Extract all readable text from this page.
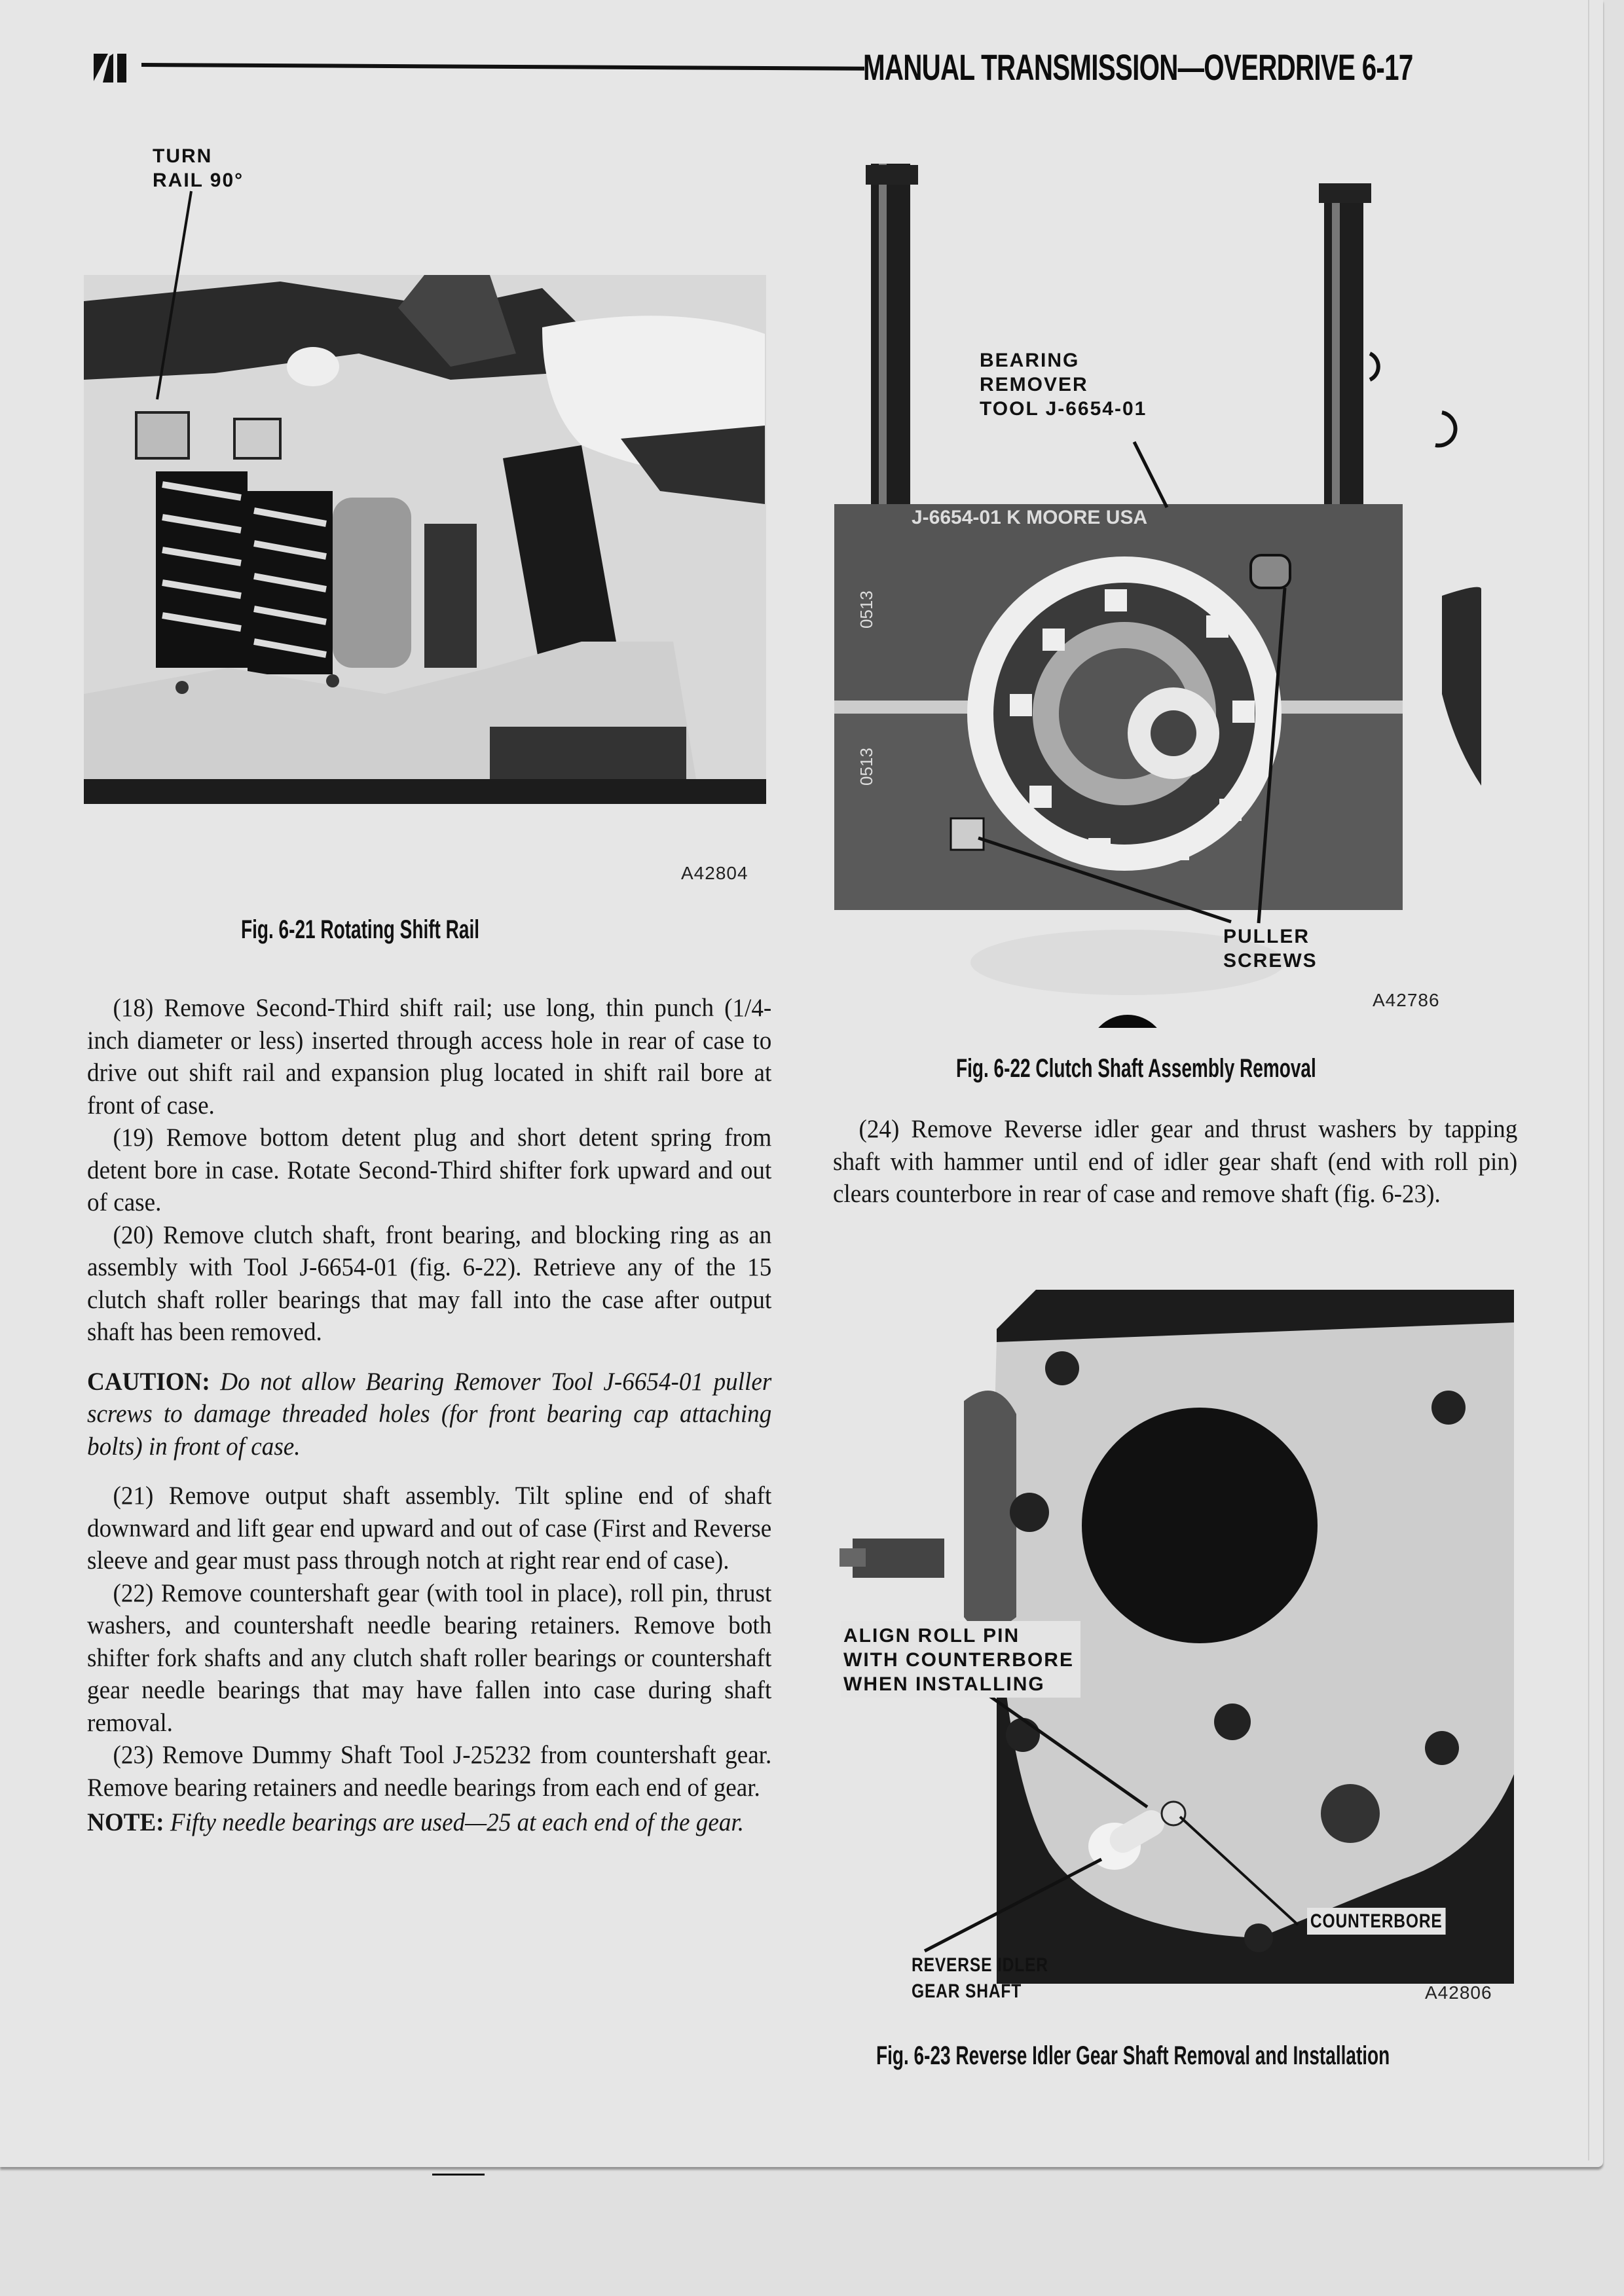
MANUAL TRANSMISSION—OVERDRIVE 6-17
TURN
RAIL 90°
A42804
Fig. 6-21 Rotating Shift Rail
J-6654-01 K MOORE USA
0513
0513
BEARING
REMOVER
TOOL J-6654-01
PULLER
SCREWS
A42786
Fig. 6-22 Clutch Shaft Assembly Removal

(24) Remove Reverse idler gear and thrust washers by tapping shaft with hammer until end of idler gear shaft (end with roll pin) clears counterbore in rear of case and remove shaft (fig. 6-23).

ALIGN ROLL PIN
WITH COUNTERBORE
WHEN INSTALLING
COUNTERBORE
REVERSE IDLER
GEAR SHAFT	A42806
Fig. 6-23 Reverse Idler Gear Shaft Removal and Installation

(18) Remove Second-Third shift rail; use long, thin punch (1/4-inch diameter or less) inserted through access hole in rear of case to drive out shift rail and expansion plug located in shift rail bore at front of case.

(19) Remove bottom detent plug and short detent spring from detent bore in case. Rotate Second-Third shifter fork upward and out of case.

(20) Remove clutch shaft, front bearing, and blocking ring as an assembly with Tool J-6654-01 (fig. 6-22). Retrieve any of the 15 clutch shaft roller bearings that may fall into the case after output shaft has been removed.

CAUTION: Do not allow Bearing Remover Tool J-6654-01 puller screws to damage threaded holes (for front bearing cap attaching bolts) in front of case.

(21) Remove output shaft assembly. Tilt spline end of shaft downward and lift gear end upward and out of case (First and Reverse sleeve and gear must pass through notch at right rear end of case).

(22) Remove countershaft gear (with tool in place), roll pin, thrust washers, and countershaft needle bearing retainers. Remove both shifter fork shafts and any clutch shaft roller bearings or countershaft gear needle bearings that may have fallen into case during shaft removal.

(23) Remove Dummy Shaft Tool J-25232 from countershaft gear. Remove bearing retainers and needle bearings from each end of gear.

NOTE: Fifty needle bearings are used—25 at each end of the gear.
